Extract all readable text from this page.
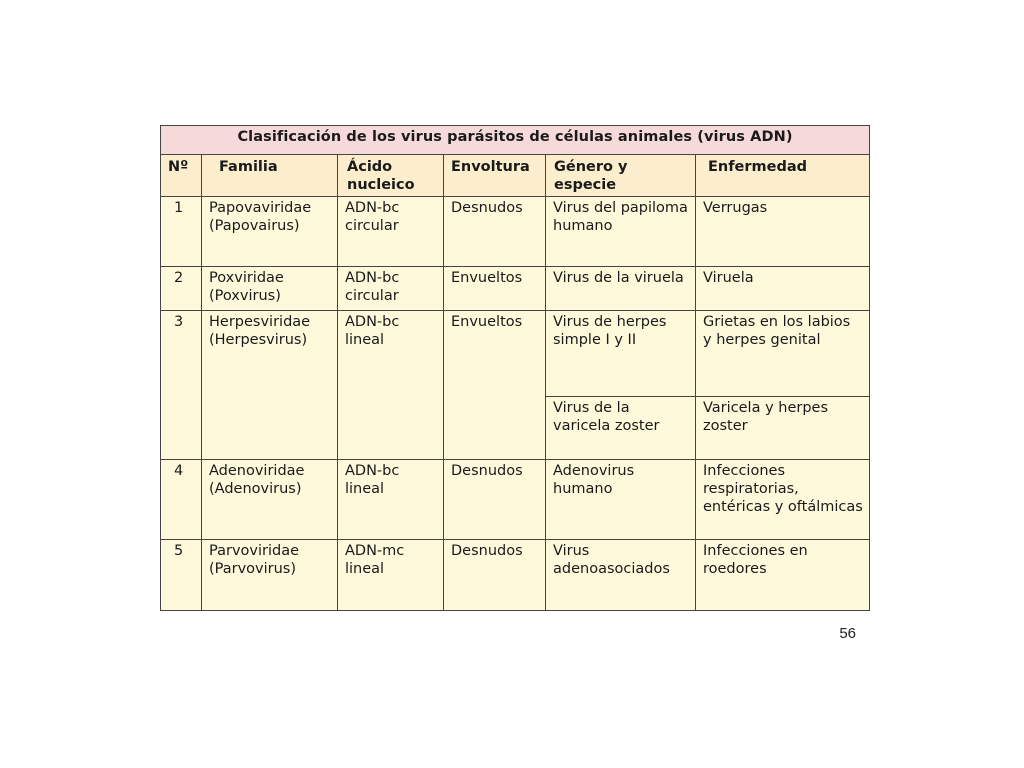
Clasificación de los virus parásitos de células animales (virus ADN)					
Nº	Familia	Ácido nucleico	Envoltura	Género y especie	Enfermedad
1	Papovaviridae (Papovairus)	ADN-bc circular	Desnudos	Virus del papiloma humano	Verrugas
2	Poxviridae (Poxvirus)	ADN-bc circular	Envueltos	Virus de la viruela	Viruela
3	Herpesviridae (Herpesvirus)	ADN-bc lineal	Envueltos	Virus de herpes simple I y II	Grietas en los labios y herpes genital
				Virus de la varicela zoster	Varicela y herpes zoster
4	Adenoviridae (Adenovirus)	ADN-bc lineal	Desnudos	Adenovirus humano	Infecciones respiratorias, entéricas y oftálmicas
5	Parvoviridae (Parvovirus)	ADN-mc lineal	Desnudos	Virus adenoasociados	Infecciones en roedores
56
